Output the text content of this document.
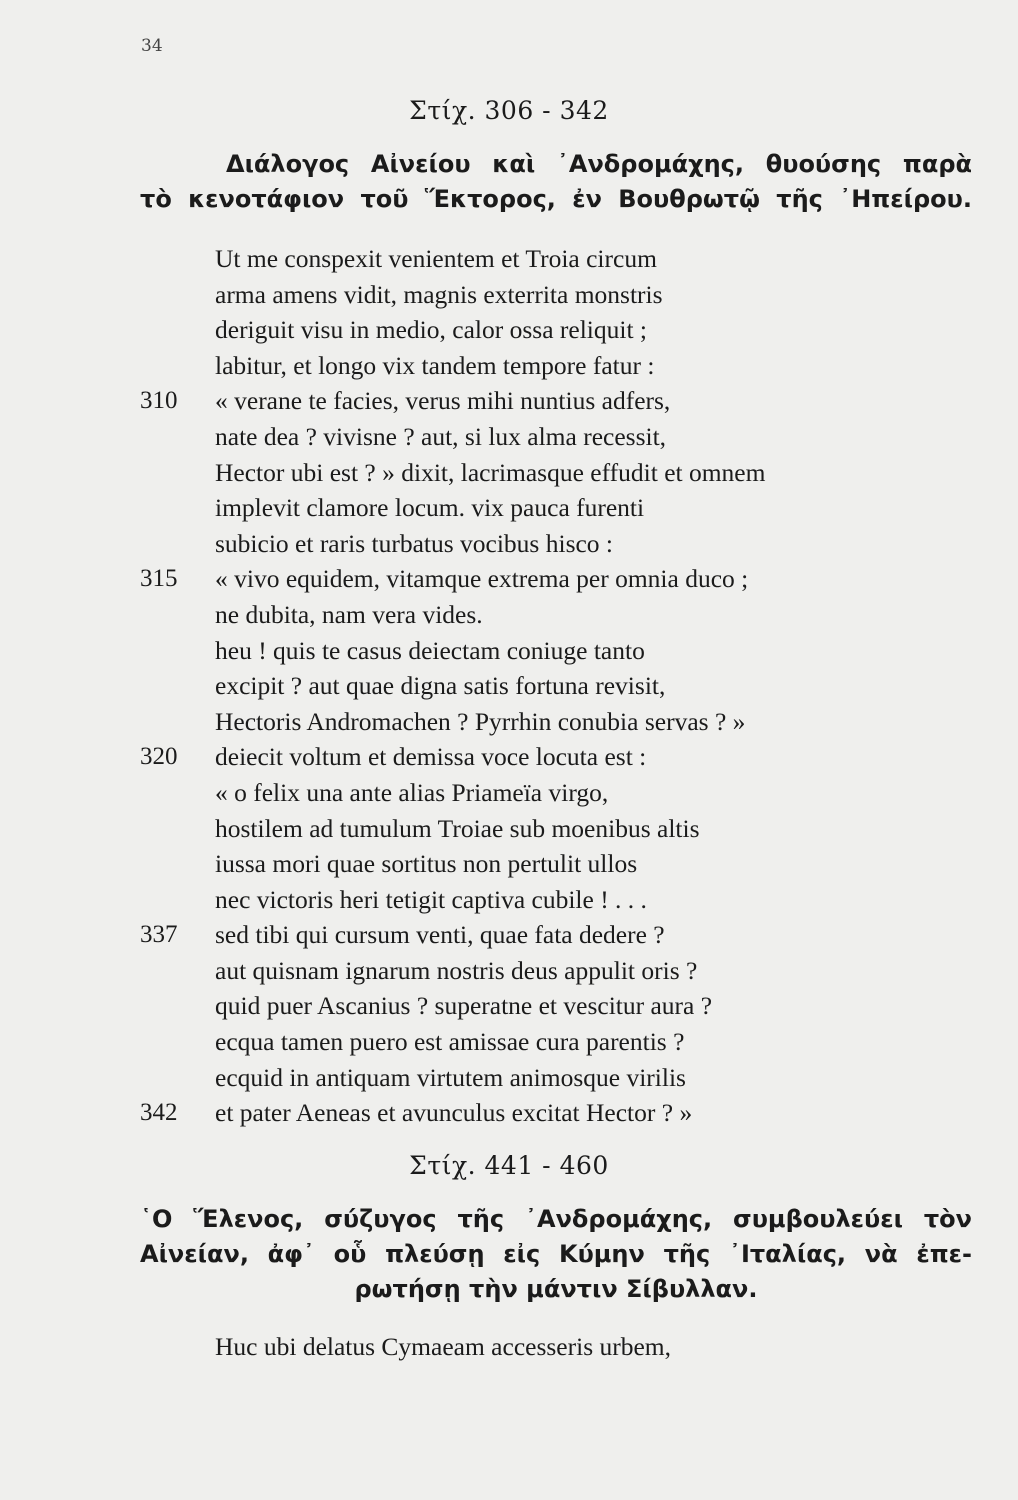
34
Στίχ. 306 - 342
Διάλογος Αἰνείου καὶ ᾿Ανδρομάχης, θυούσης παρὰ
τὸ κενοτάφιον τοῦ Ἕκτορος, ἐν Βουθρωτῷ τῆς ᾿Ηπείρου.
Ut me conspexit venientem et Troia circum
arma amens vidit, magnis exterrita monstris
deriguit visu in medio, calor ossa reliquit ;
labitur, et longo vix tandem tempore fatur :
310	« verane te facies, verus mihi nuntius adfers,
nate dea ? vivisne ? aut, si lux alma recessit,
Hector ubi est ? » dixit, lacrimasque effudit et omnem
implevit clamore locum. vix pauca furenti
subicio et raris turbatus vocibus hisco :
315	« vivo equidem, vitamque extrema per omnia duco ;
ne dubita, nam vera vides.
heu ! quis te casus deiectam coniuge tanto
excipit ? aut quae digna satis fortuna revisit,
Hectoris Andromachen ? Pyrrhin conubia servas ? »
320	deiecit voltum et demissa voce locuta est :
« o felix una ante alias Priameïa virgo,
hostilem ad tumulum Troiae sub moenibus altis
iussa mori quae sortitus non pertulit ullos
nec victoris heri tetigit captiva cubile ! . . .
337	sed tibi qui cursum venti, quae fata dedere ?
aut quisnam ignarum nostris deus appulit oris ?
quid puer Ascanius ? superatne et vescitur aura ?
ecqua tamen puero est amissae cura parentis ?
ecquid in antiquam virtutem animosque virilis
342	et pater Aeneas et avunculus excitat Hector ? »
Στίχ. 441 - 460
῾Ο Ἕλενος, σύζυγος τῆς ᾿Ανδρομάχης, συμβουλεύει τὸν
Αἰνείαν, ἀφ᾿ οὗ πλεύσῃ εἰς Κύμην τῆς ᾿Ιταλίας, νὰ ἐπε-
ρωτήσῃ τὴν μάντιν Σίβυλλαν.
Huc ubi delatus Cymaeam accesseris urbem,
